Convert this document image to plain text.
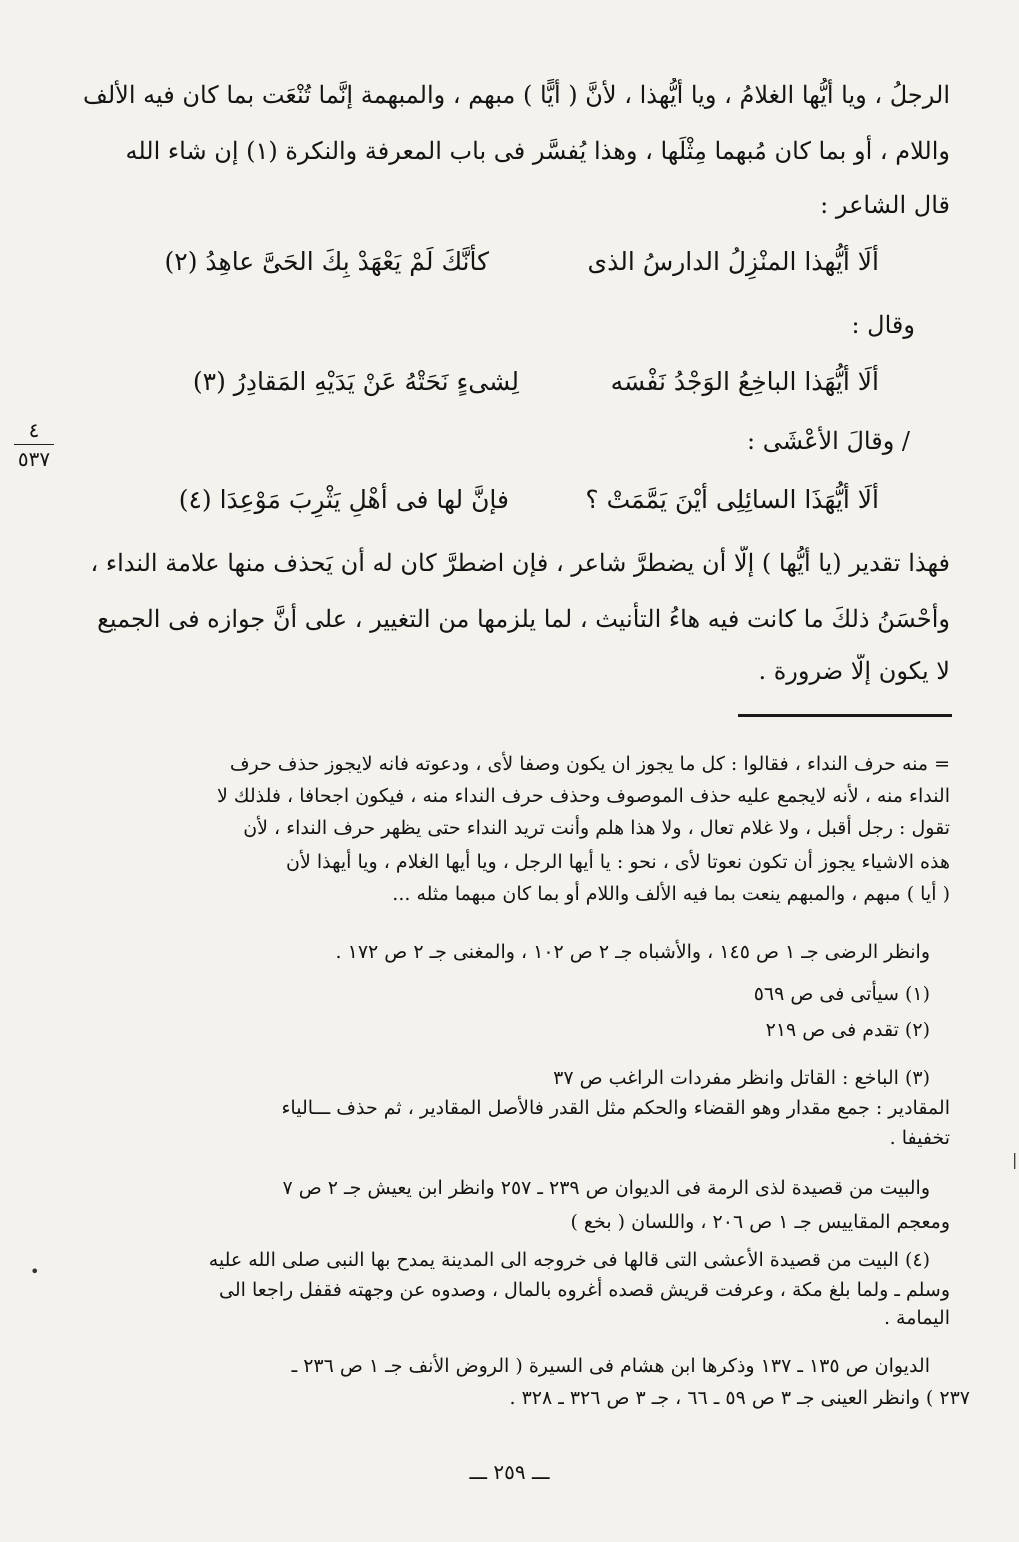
الرجلُ ، ويا أيُّها الغلامُ ، ويا أيُّهذا ، لأنَّ ( أيًّا ) مبهم ، والمبهمة إنَّما تُنْعَت بما كان فيه الألف
واللام ، أو بما كان مُبهما مِثْلَها ، وهذا يُفسَّر فى باب المعرفة والنكرة (١) إن شاء الله
قال الشاعر :
ألَا أيُّهذا المنْزِلُ الدارسُ الذى
كأنَّكَ لَمْ يَعْهَدْ بِكَ الحَىَّ عاهِدُ (٢)
وقال :
ألَا أيُّهَذا الباخِعُ الوَجْدُ نَفْسَه
لِشىءٍ نَحَتْهُ عَنْ يَدَيْهِ المَقادِرُ (٣)
/ وقالَ الأعْشَى :
ألَا أيُّهَذَا السائِلِى أيْنَ يَمَّمَتْ ؟
فإنَّ لها فى أهْلِ يَثْرِبَ مَوْعِدَا (٤)
٤
٥٣٧
فهذا تقدير (يا أيُّها ) إلَّا أن يضطرَّ شاعر ، فإن اضطرَّ كان له أن يَحذف منها علامة النداء ،
وأحْسَنُ ذلكَ ما كانت فيه هاءُ التأنيث ، لما يلزمها من التغيير ، على أنَّ جوازه فى الجميع
لا يكون إلَّا ضرورة .
= منه حرف النداء ، فقالوا : كل ما يجوز ان يكون وصفا لأى ، ودعوته فانه لايجوز حذف حرف
النداء منه ، لأنه لايجمع عليه حذف الموصوف وحذف حرف النداء منه ، فيكون اجحافا ، فلذلك لا
تقول : رجل أقبل ، ولا غلام تعال ، ولا هذا هلم وأنت تريد النداء حتى يظهر حرف النداء ، لأن
هذه الاشياء يجوز أن تكون نعوتا لأى ، نحو : يا أيها الرجل ، ويا أيها الغلام ، ويا أيهذا لأن
( أيا ) مبهم ، والمبهم ينعت بما فيه الألف واللام أو بما كان مبهما مثله ...
وانظر الرضى جـ ١ ص ١٤٥ ، والأشباه جـ ٢ ص ١٠٢ ، والمغنى جـ ٢ ص ١٧٢ .
(١) سيأتى فى ص ٥٦٩
(٢) تقدم فى ص ٢١٩
(٣) الباخع : القاتل وانظر مفردات الراغب ص ٣٧
المقادير : جمع مقدار وهو القضاء والحكم مثل القدر فالأصل المقادير ، ثم حذف ـــالياء
تخفيفا .
والبيت من قصيدة لذى الرمة فى الديوان ص ٢٣٩ ـ ٢٥٧ وانظر ابن يعيش جـ ٢ ص ٧
ومعجم المقاييس جـ ١ ص ٢٠٦ ، واللسان ( بخع )
(٤) البيت من قصيدة الأعشى التى قالها فى خروجه الى المدينة يمدح بها النبى صلى الله عليه
وسلم ـ ولما بلغ مكة ، وعرفت قريش قصده أغروه بالمال ، وصدوه عن وجهته فقفل راجعا الى
اليمامة .
الديوان ص ١٣٥ ـ ١٣٧ وذكرها ابن هشام فى السيرة ( الروض الأنف جـ ١ ص ٢٣٦ ـ
٢٣٧ ) وانظر العينى جـ ٣ ص ٥٩ ـ ٦٦ ، جـ ٣ ص ٣٢٦ ـ ٣٢٨ .
ـــ ٢٥٩ ـــ
•
|
